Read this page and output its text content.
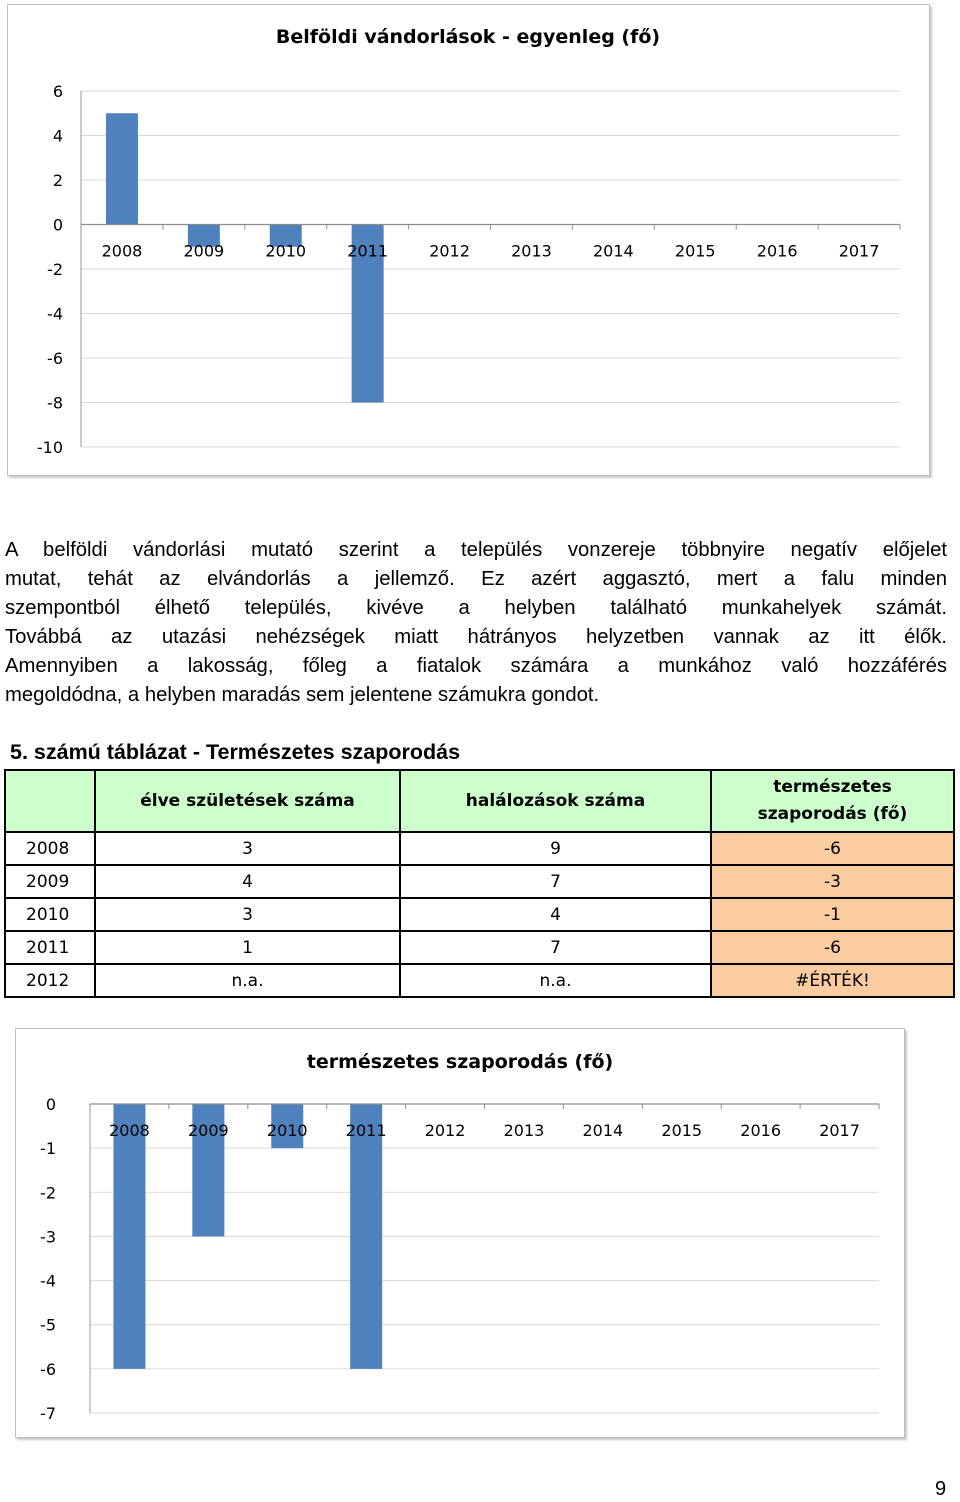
Belföldi vándorlások - egyenleg (fő)
6
4
2
0
-2
-4
-6
-8
-10
2008	2009	2010	2011	2012	2013	2014	2015	2016	2017

A belföldi vándorlási mutató szerint a település vonzereje többnyire negatív előjelet
mutat, tehát az elvándorlás a jellemző. Ez azért aggasztó, mert a falu minden
szempontból élhető település, kivéve a helyben található munkahelyek számát.
Továbbá az utazási nehézségek miatt hátrányos helyzetben vannak az itt élők.
Amennyiben a lakosság, főleg a fiatalok számára a munkához való hozzáférés
megoldódna, a helyben maradás sem jelentene számukra gondot.

5. számú táblázat - Természetes szaporodás

	élve születések száma	halálozások száma	természetes szaporodás (fő)
2008	3	9	-6
2009	4	7	-3
2010	3	4	-1
2011	1	7	-6
2012	n.a.	n.a.	#ÉRTÉK!
természetes szaporodás (fő)
0
-1
-2
-3
-4
-5
-6
-7
2008 2009 2010 2011 2012 2013 2014 2015 2016 2017

9
